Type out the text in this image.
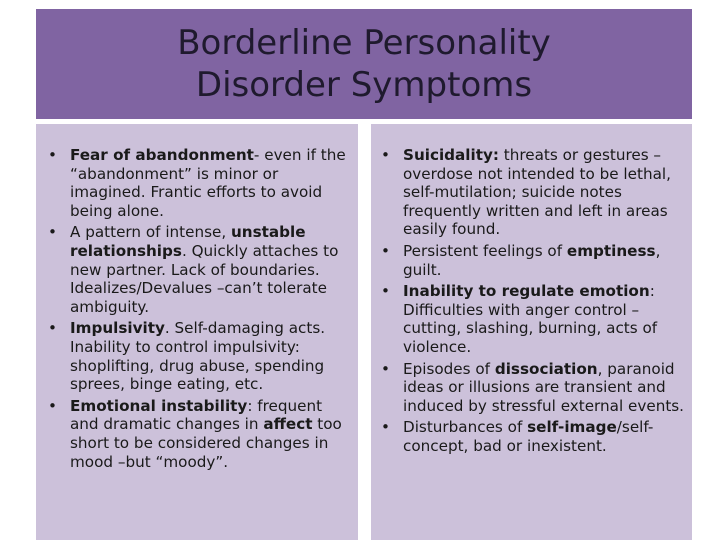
Borderline Personality Disorder Symptoms
• Fear of abandonment- even if the “abandonment” is minor or imagined. Frantic efforts to avoid being alone.
• A pattern of intense, unstable relationships. Quickly attaches to new partner. Lack of boundaries. Idealizes/Devalues –can’t tolerate ambiguity.
• Impulsivity. Self-damaging acts. Inability to control impulsivity: shoplifting, drug abuse, spending sprees, binge eating, etc.
• Emotional instability: frequent and dramatic changes in affect too short to be considered changes in mood –but “moody”.
• Suicidality: threats or gestures – overdose not intended to be lethal, self-mutilation; suicide notes frequently written and left in areas easily found.
• Persistent feelings of emptiness, guilt.
• Inability to regulate emotion: Difficulties with anger control – cutting, slashing, burning, acts of violence.
• Episodes of dissociation, paranoid ideas or illusions are transient and induced by stressful external events.
• Disturbances of self-image/self-concept, bad or inexistent.
